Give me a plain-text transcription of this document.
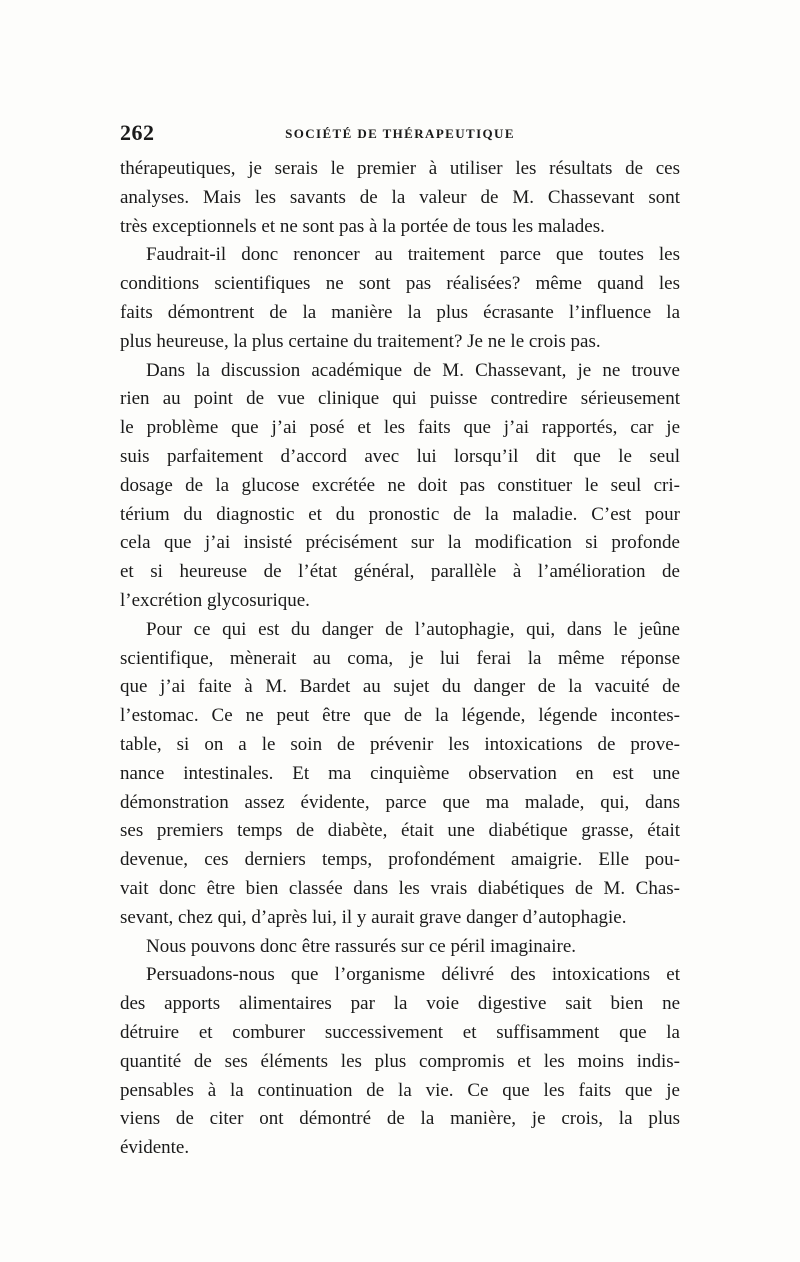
262	SOCIÉTÉ DE THÉRAPEUTIQUE
thérapeutiques, je serais le premier à utiliser les résultats de ces
analyses. Mais les savants de la valeur de M. Chassevant sont
très exceptionnels et ne sont pas à la portée de tous les malades.
Faudrait-il donc renoncer au traitement parce que toutes les
conditions scientifiques ne sont pas réalisées? même quand les
faits démontrent de la manière la plus écrasante l’influence la
plus heureuse, la plus certaine du traitement? Je ne le crois pas.
Dans la discussion académique de M. Chassevant, je ne trouve
rien au point de vue clinique qui puisse contredire sérieusement
le problème que j’ai posé et les faits que j’ai rapportés, car je
suis parfaitement d’accord avec lui lorsqu’il dit que le seul
dosage de la glucose excrétée ne doit pas constituer le seul cri-
térium du diagnostic et du pronostic de la maladie. C’est pour
cela que j’ai insisté précisément sur la modification si profonde
et si heureuse de l’état général, parallèle à l’amélioration de
l’excrétion glycosurique.
Pour ce qui est du danger de l’autophagie, qui, dans le jeûne
scientifique, mènerait au coma, je lui ferai la même réponse
que j’ai faite à M. Bardet au sujet du danger de la vacuité de
l’estomac. Ce ne peut être que de la légende, légende incontes-
table, si on a le soin de prévenir les intoxications de prove-
nance intestinales. Et ma cinquième observation en est une
démonstration assez évidente, parce que ma malade, qui, dans
ses premiers temps de diabète, était une diabétique grasse, était
devenue, ces derniers temps, profondément amaigrie. Elle pou-
vait donc être bien classée dans les vrais diabétiques de M. Chas-
sevant, chez qui, d’après lui, il y aurait grave danger d’autophagie.
Nous pouvons donc être rassurés sur ce péril imaginaire.
Persuadons-nous que l’organisme délivré des intoxications et
des apports alimentaires par la voie digestive sait bien ne
détruire et comburer successivement et suffisamment que la
quantité de ses éléments les plus compromis et les moins indis-
pensables à la continuation de la vie. Ce que les faits que je
viens de citer ont démontré de la manière, je crois, la plus
évidente.
